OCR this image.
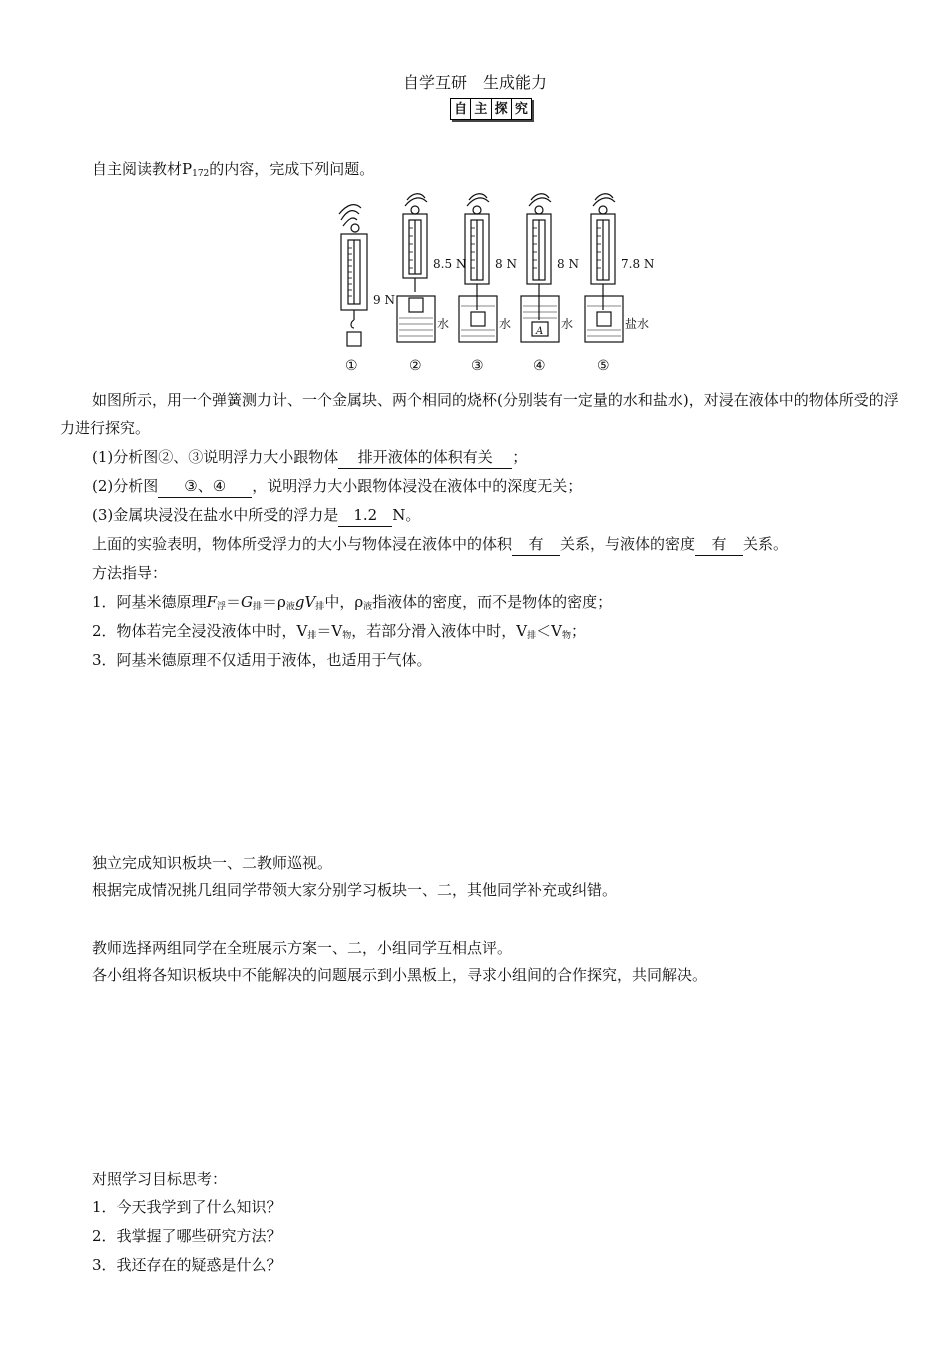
自学互研　生成能力
自 主 探 究
自主阅读教材$P_{172}$的内容，完成下列问题。
9 N
8.5 N 8 N	8 N	7.8 N
水	水	水	盐水
A
①	②	③	④	⑤
如图所示，用一个弹簧测力计、一个金属块、两个相同的烧杯(分别装有一定量的水和盐水)，对浸在液体中的物体所受的浮力进行探究。
(1)分析图②、③说明浮力大小跟物体 排开液体的体积有关 ；
(2)分析图 ③、④ ，说明浮力大小跟物体浸没在液体中的深度无关；
(3)金属块浸没在盐水中所受的浮力是 1.2 N。
上面的实验表明，物体所受浮力的大小与物体浸在液体中的体积 有 关系，与液体的密度 有 关系。
方法指导：
1．阿基米德原理$F_浮=G_排=\rho_液gV_排$中，$\rho_液$指液体的密度，而不是物体的密度；
2．物体若完全浸没液体中时，$V_排=V_物$，若部分滑入液体中时，$V_排<V_物$；
3．阿基米德原理不仅适用于液体，也适用于气体。
独立完成知识板块一、二教师巡视。
根据完成情况挑几组同学带领大家分别学习板块一、二，其他同学补充或纠错。
教师选择两组同学在全班展示方案一、二，小组同学互相点评。
各小组将各知识板块中不能解决的问题展示到小黑板上，寻求小组间的合作探究，共同解决。
对照学习目标思考：
1．今天我学到了什么知识？
2．我掌握了哪些研究方法？
3．我还存在的疑惑是什么？
